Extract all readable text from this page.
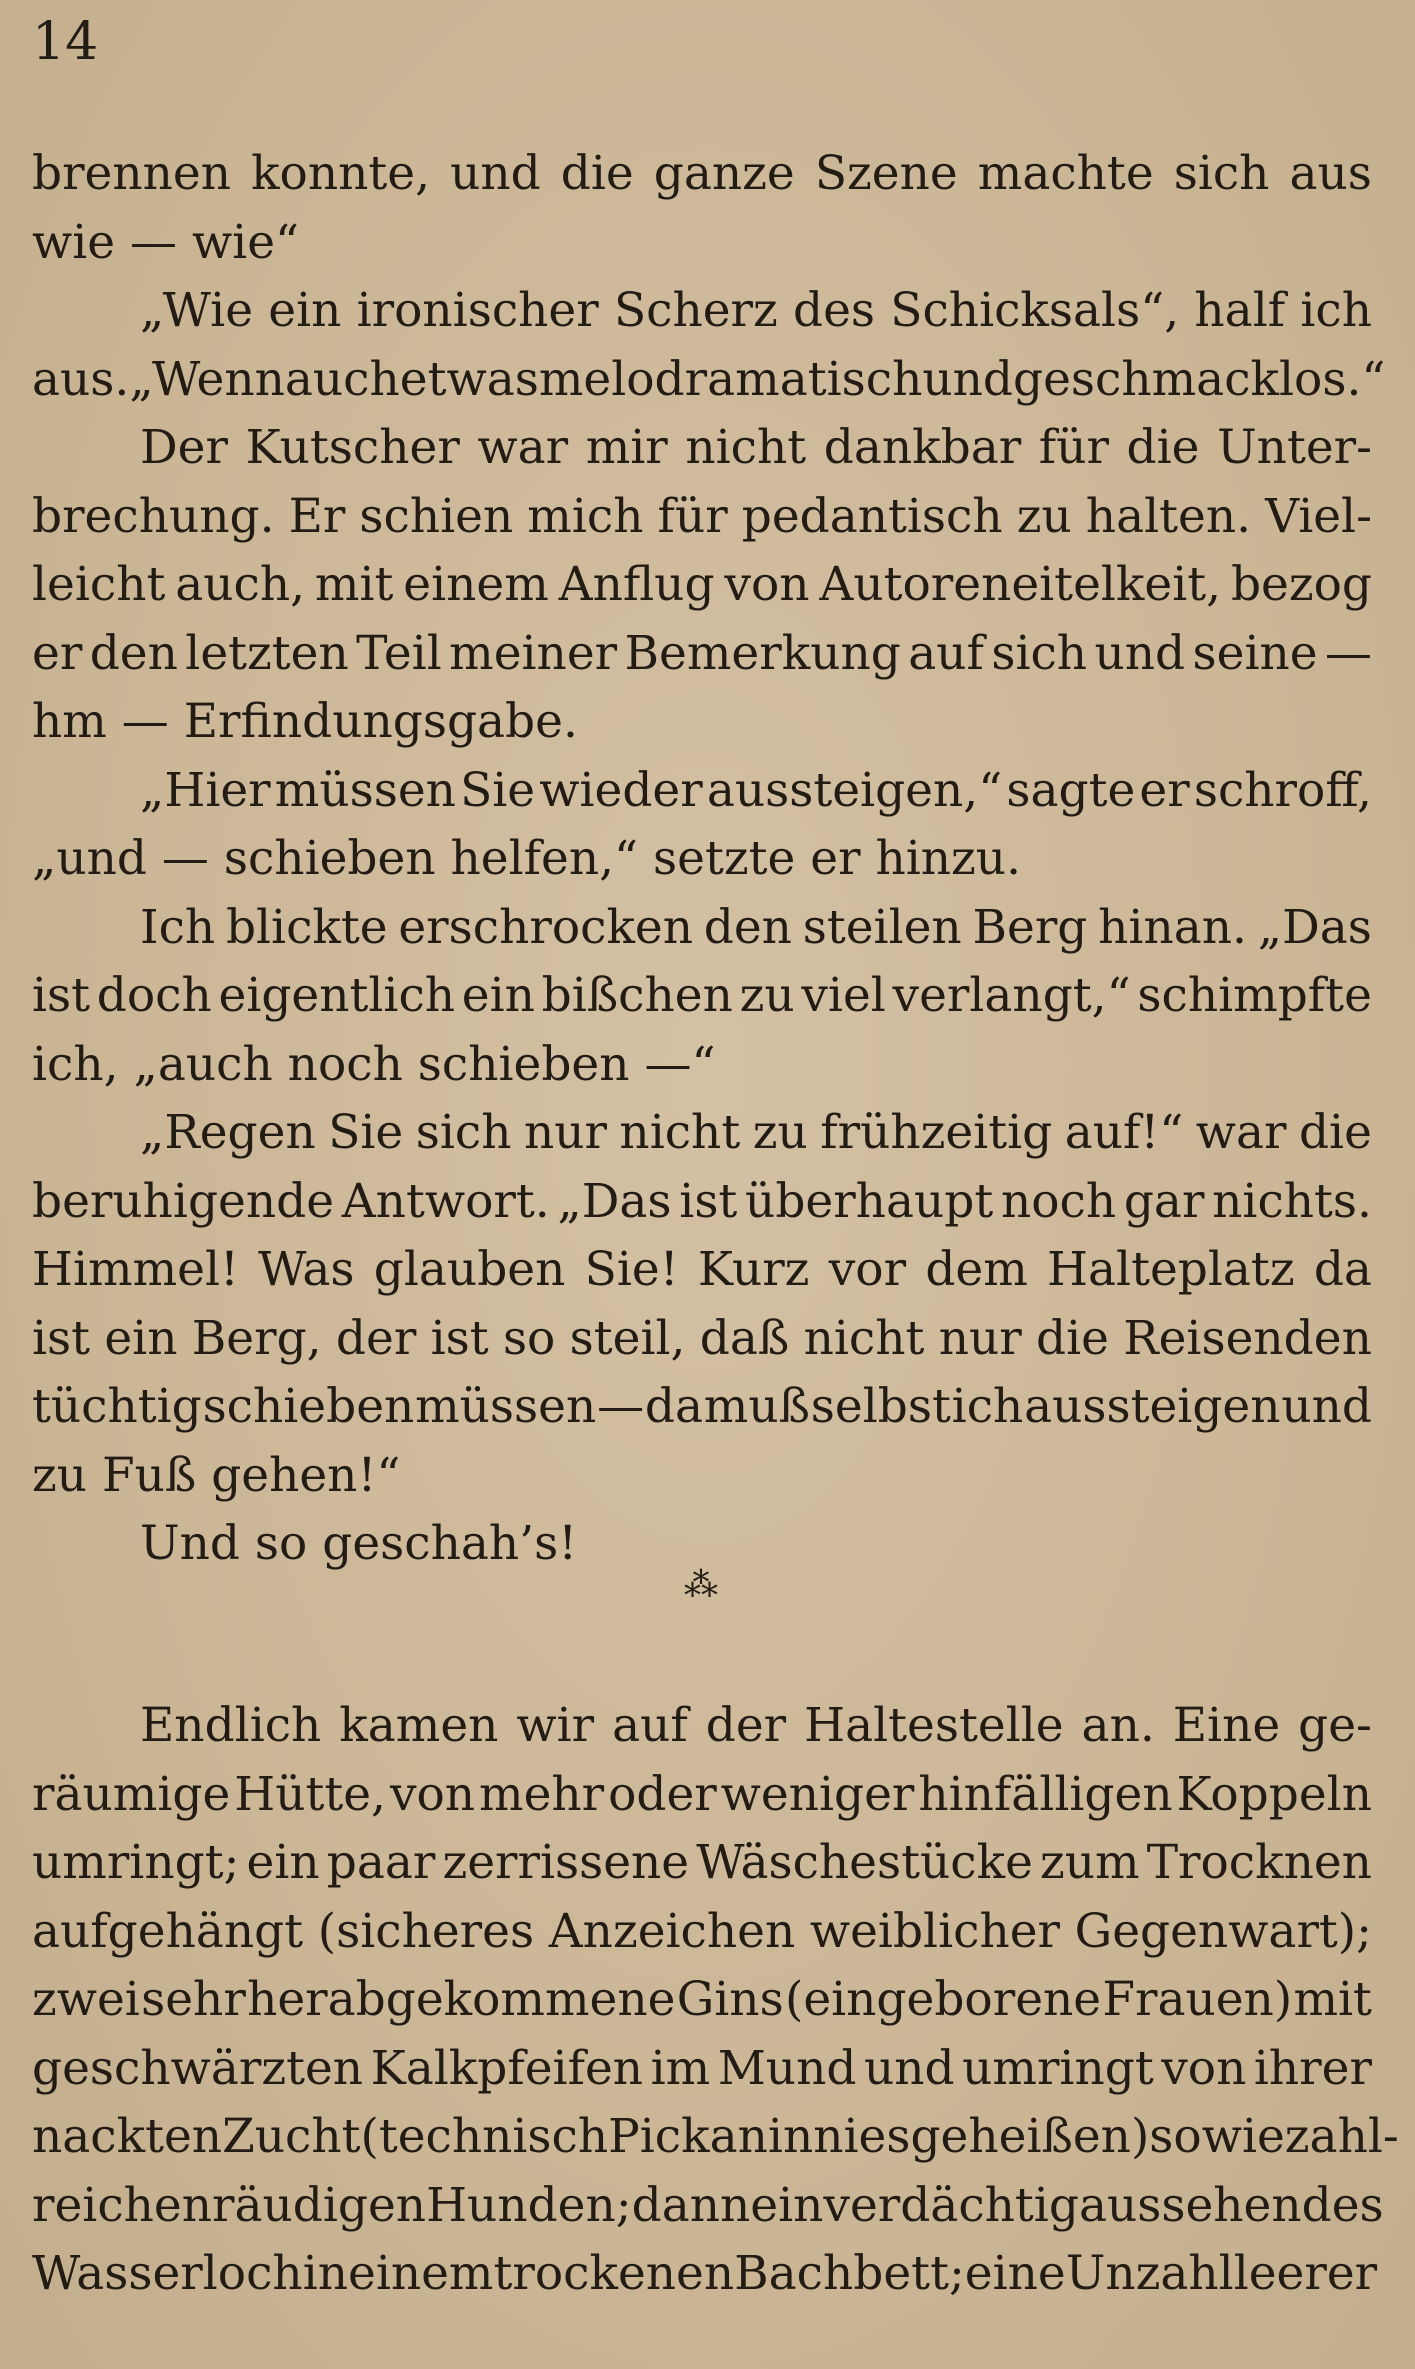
14
brennen konnte, und die ganze Szene machte sich aus
wie — wie“
„Wie ein ironischer Scherz des Schicksals“, half ich
aus. „Wenn auch etwas melodramatisch und geschmacklos.“
Der Kutscher war mir nicht dankbar für die Unter-
brechung. Er schien mich für pedantisch zu halten. Viel-
leicht auch, mit einem Anflug von Autoreneitelkeit, bezog
er den letzten Teil meiner Bemerkung auf sich und seine —
hm — Erfindungsgabe.
„Hier müssen Sie wieder aussteigen,“ sagte er schroff,
„und — schieben helfen,“ setzte er hinzu.
Ich blickte erschrocken den steilen Berg hinan. „Das
ist doch eigentlich ein bißchen zu viel verlangt,“ schimpfte
ich, „auch noch schieben —“
„Regen Sie sich nur nicht zu frühzeitig auf!“ war die
beruhigende Antwort. „Das ist überhaupt noch gar nichts.
Himmel! Was glauben Sie! Kurz vor dem Halteplatz da
ist ein Berg, der ist so steil, daß nicht nur die Reisenden
tüchtig schieben müssen — da muß selbst ich aussteigen und
zu Fuß gehen!“
Und so geschah’s!
⁂
Endlich kamen wir auf der Haltestelle an. Eine ge-
räumige Hütte, von mehr oder weniger hinfälligen Koppeln
umringt; ein paar zerrissene Wäschestücke zum Trocknen
aufgehängt (sicheres Anzeichen weiblicher Gegenwart);
zwei sehr herabgekommene Gins (eingeborene Frauen) mit
geschwärzten Kalkpfeifen im Mund und umringt von ihrer
nackten Zucht (technisch Pickaninnies geheißen) sowie zahl-
reichen räudigen Hunden; dann ein verdächtig aussehendes
Wasserloch in einem trockenen Bachbett; eine Unzahl leerer
